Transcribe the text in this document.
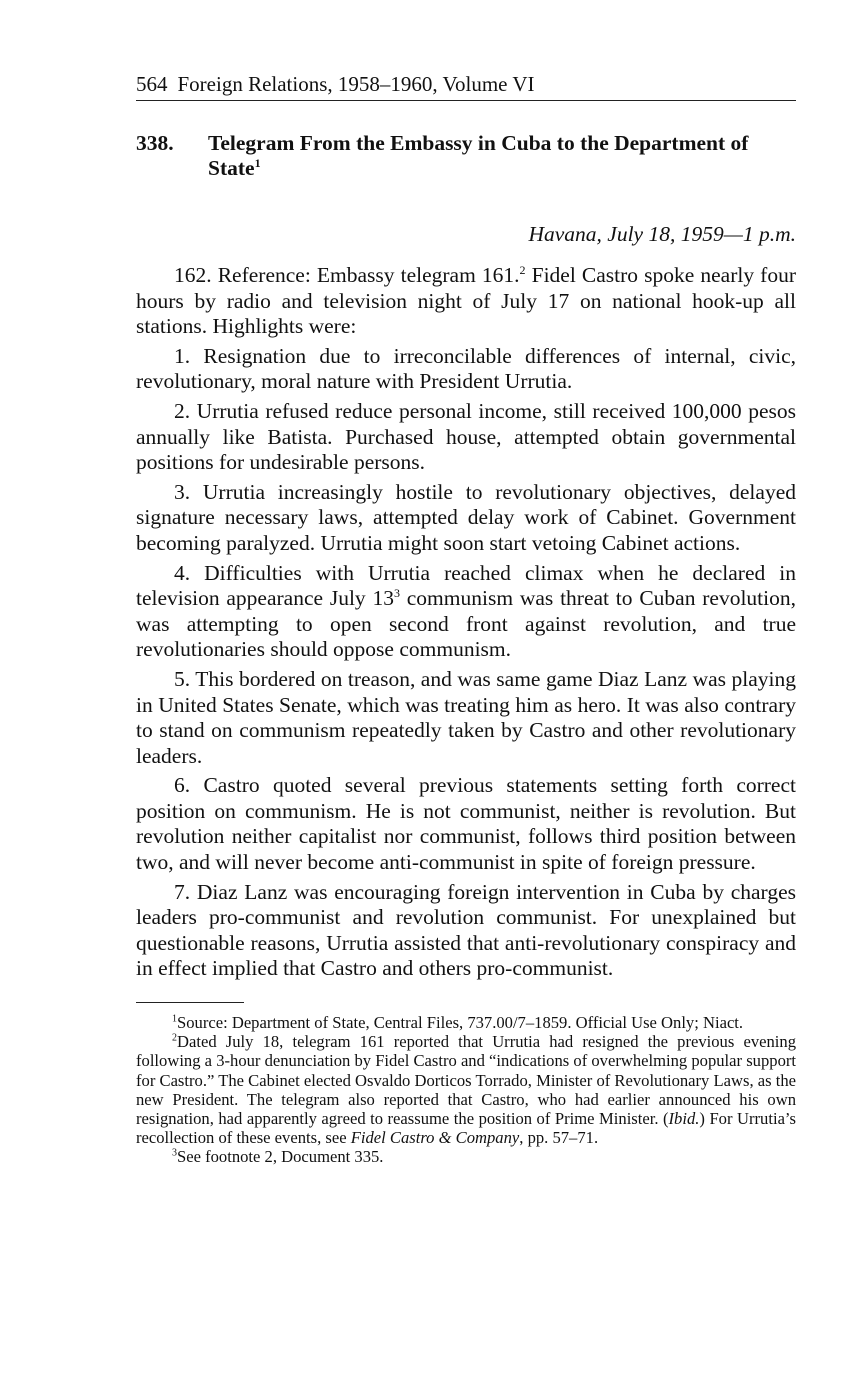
564 Foreign Relations, 1958–1960, Volume VI
338.	Telegram From the Embassy in Cuba to the Department of State$^1$
Havana, July 18, 1959—1 p.m.

162. Reference: Embassy telegram 161.$^2$ Fidel Castro spoke nearly four hours by radio and television night of July 17 on national hook-up all stations. Highlights were:

1. Resignation due to irreconcilable differences of internal, civic, revolutionary, moral nature with President Urrutia.

2. Urrutia refused reduce personal income, still received 100,000 pesos annually like Batista. Purchased house, attempted obtain governmental positions for undesirable persons.

3. Urrutia increasingly hostile to revolutionary objectives, delayed signature necessary laws, attempted delay work of Cabinet. Government becoming paralyzed. Urrutia might soon start vetoing Cabinet actions.

4. Difficulties with Urrutia reached climax when he declared in television appearance July $13^3$ communism was threat to Cuban revolution, was attempting to open second front against revolution, and true revolutionaries should oppose communism.

5. This bordered on treason, and was same game Diaz Lanz was playing in United States Senate, which was treating him as hero. It was also contrary to stand on communism repeatedly taken by Castro and other revolutionary leaders.

6. Castro quoted several previous statements setting forth correct position on communism. He is not communist, neither is revolution. But revolution neither capitalist nor communist, follows third position between two, and will never become anti-communist in spite of foreign pressure.

7. Diaz Lanz was encouraging foreign intervention in Cuba by charges leaders pro-communist and revolution communist. For unexplained but questionable reasons, Urrutia assisted that anti-revolutionary conspiracy and in effect implied that Castro and others pro-communist.

$^1$Source: Department of State, Central Files, 737.00/7–1859. Official Use Only; Niact.

$^2$Dated July 18, telegram 161 reported that Urrutia had resigned the previous evening following a 3-hour denunciation by Fidel Castro and “indications of overwhelming popular support for Castro.” The Cabinet elected Osvaldo Dorticos Torrado, Minister of Revolutionary Laws, as the new President. The telegram also reported that Castro, who had earlier announced his own resignation, had apparently agreed to reassume the position of Prime Minister. (Ibid.) For Urrutia’s recollection of these events, see Fidel Castro & Company, pp. 57–71.

$^3$See footnote 2, Document 335.
